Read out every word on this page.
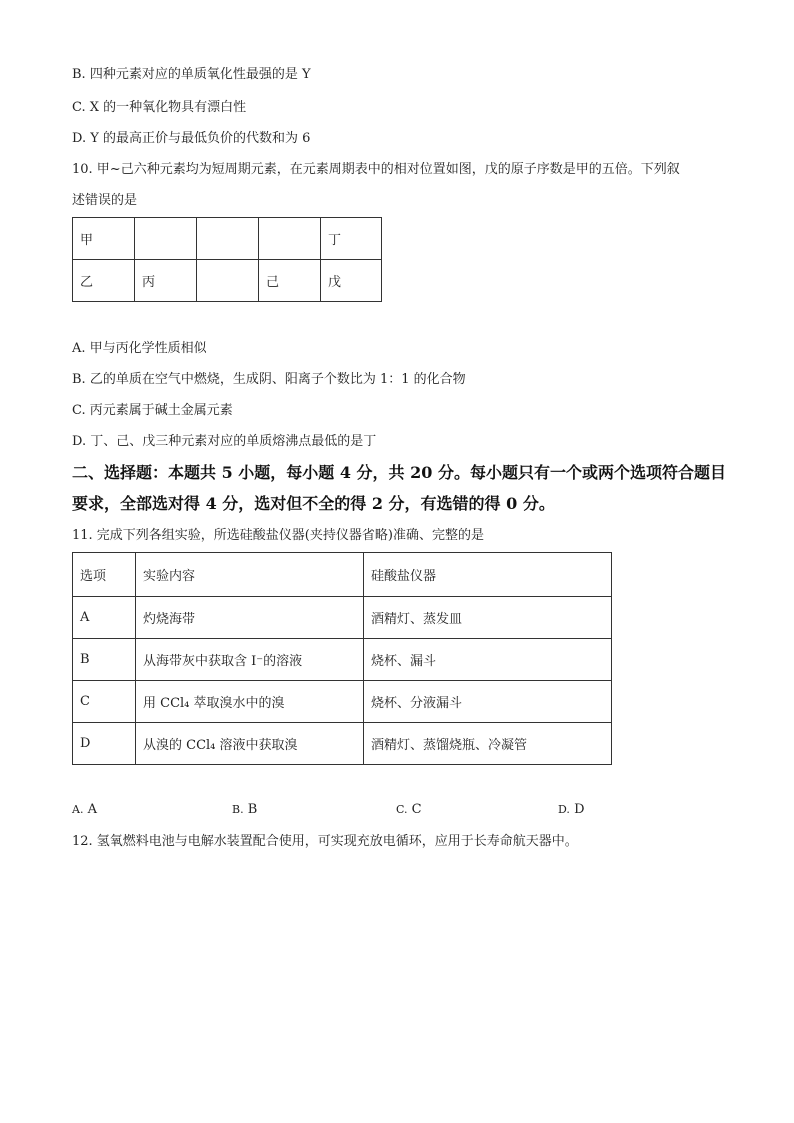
B. 四种元素对应的单质氧化性最强的是 Y
C. X 的一种氧化物具有漂白性
D. Y 的最高正价与最低负价的代数和为 6
10. 甲~己六种元素均为短周期元素，在元素周期表中的相对位置如图，戊的原子序数是甲的五倍。下列叙
述错误的是
甲				丁
乙	丙		己	戊
A. 甲与丙化学性质相似
B. 乙的单质在空气中燃烧，生成阴、阳离子个数比为 1：1 的化合物
C. 丙元素属于碱土金属元素
D. 丁、己、戊三种元素对应的单质熔沸点最低的是丁
二、选择题：本题共 5 小题，每小题 4 分，共 20 分。每小题只有一个或两个选项符合题目
要求，全部选对得 4 分，选对但不全的得 2 分，有选错的得 0 分。
11. 完成下列各组实验，所选硅酸盐仪器(夹持仪器省略)准确、完整的是
选项	实验内容	硅酸盐仪器
A	灼烧海带	酒精灯、蒸发皿
B	从海带灰中获取含 I⁻的溶液	烧杯、漏斗
C	用 CCl₄ 萃取溴水中的溴	烧杯、分液漏斗
D	从溴的 CCl₄ 溶液中获取溴	酒精灯、蒸馏烧瓶、冷凝管
A. A	B. B	C. C	D. D
12. 氢氧燃料电池与电解水装置配合使用，可实现充放电循环，应用于长寿命航天器中。
